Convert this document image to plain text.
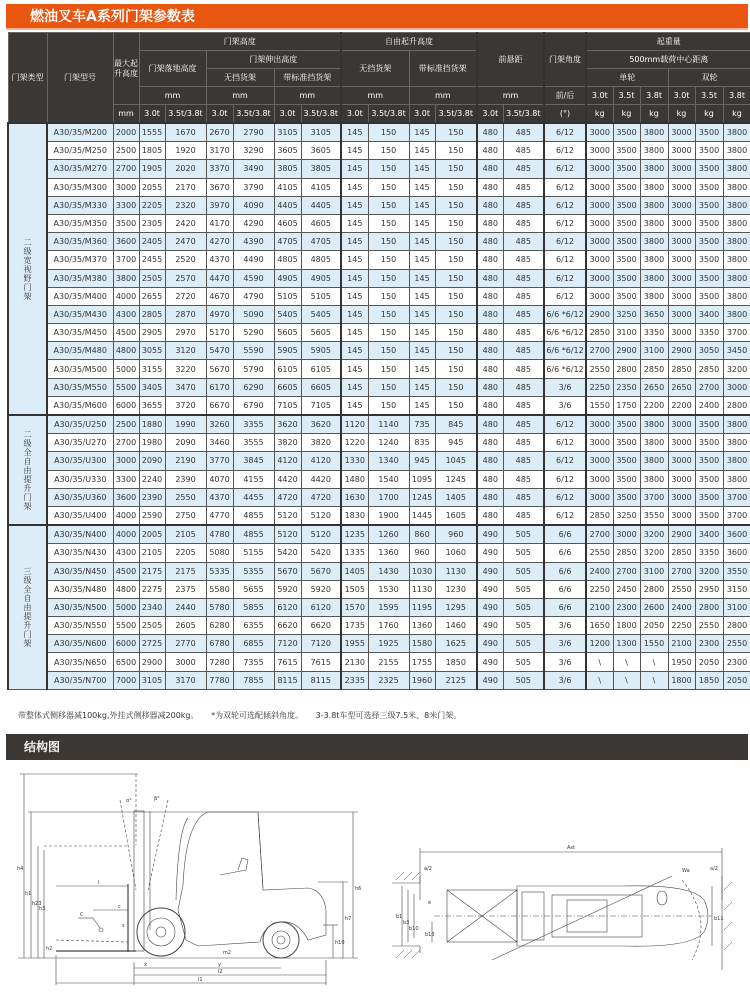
燃油叉车A系列门架参数表
门架类型	门架型号	最大起升高度	门架高度						自由起升高度				前悬距		门架角度	起重量					
			门架落地高度		门架伸出高度				无挡货架		带标准挡货架					500mm载荷中心距离					
					无挡货架		带标准挡货架									单轮			双轮		
			mm		mm		mm		mm		mm		mm		前/后	3.0t	3.5t	3.8t	3.0t	3.5t	3.8t
		mm	3.0t	3.5t/3.8t	3.0t	3.5t/3.8t	3.0t	3.5t/3.8t	3.0t	3.5t/3.8t	3.0t	3.5t/3.8t	3.0t	3.5t/3.8t	(°)	kg	kg	kg	kg	kg	kg
二级宽视野门架	A30/35/M200	2000	1555	1670	2670	2790	3105	3105	145	150	145	150	480	485	6/12	3000	3500	3800	3000	3500	3800
	A30/35/M250	2500	1805	1920	3170	3290	3605	3605	145	150	145	150	480	485	6/12	3000	3500	3800	3000	3500	3800
	A30/35/M270	2700	1905	2020	3370	3490	3805	3805	145	150	145	150	480	485	6/12	3000	3500	3800	3000	3500	3800
	A30/35/M300	3000	2055	2170	3670	3790	4105	4105	145	150	145	150	480	485	6/12	3000	3500	3800	3000	3500	3800
	A30/35/M330	3300	2205	2320	3970	4090	4405	4405	145	150	145	150	480	485	6/12	3000	3500	3800	3000	3500	3800
	A30/35/M350	3500	2305	2420	4170	4290	4605	4605	145	150	145	150	480	485	6/12	3000	3500	3800	3000	3500	3800
	A30/35/M360	3600	2405	2470	4270	4390	4705	4705	145	150	145	150	480	485	6/12	3000	3500	3800	3000	3500	3800
	A30/35/M370	3700	2455	2520	4370	4490	4805	4805	145	150	145	150	480	485	6/12	3000	3500	3800	3000	3500	3800
	A30/35/M380	3800	2505	2570	4470	4590	4905	4905	145	150	145	150	480	485	6/12	3000	3500	3800	3000	3500	3800
	A30/35/M400	4000	2655	2720	4670	4790	5105	5105	145	150	145	150	480	485	6/12	3000	3500	3800	3000	3500	3800
	A30/35/M430	4300	2805	2870	4970	5090	5405	5405	145	150	145	150	480	485	6/6 *6/12	2900	3250	3650	3000	3400	3800
	A30/35/M450	4500	2905	2970	5170	5290	5605	5605	145	150	145	150	480	485	6/6 *6/12	2850	3100	3350	3000	3350	3700
	A30/35/M480	4800	3055	3120	5470	5590	5905	5905	145	150	145	150	480	485	6/6 *6/12	2700	2900	3100	2900	3050	3450
	A30/35/M500	5000	3155	3220	5670	5790	6105	6105	145	150	145	150	480	485	6/6 *6/12	2550	2800	2850	2850	2850	3200
	A30/35/M550	5500	3405	3470	6170	6290	6605	6605	145	150	145	150	480	485	3/6	2250	2350	2650	2650	2700	3000
	A30/35/M600	6000	3655	3720	6670	6790	7105	7105	145	150	145	150	480	485	3/6	1550	1750	2200	2200	2400	2800
二级全自由提升门架	A30/35/U250	2500	1880	1990	3260	3355	3620	3620	1120	1140	735	845	480	485	6/12	3000	3500	3800	3000	3500	3800
	A30/35/U270	2700	1980	2090	3460	3555	3820	3820	1220	1240	835	945	480	485	6/12	3000	3500	3800	3000	3500	3800
	A30/35/U300	3000	2090	2190	3770	3845	4120	4120	1330	1340	945	1045	480	485	6/12	3000	3500	3800	3000	3500	3800
	A30/35/U330	3300	2240	2390	4070	4155	4420	4420	1480	1540	1095	1245	480	485	6/12	3000	3500	3800	3000	3500	3800
	A30/35/U360	3600	2390	2550	4370	4455	4720	4720	1630	1700	1245	1405	480	485	6/12	3000	3500	3700	3000	3500	3700
	A30/35/U400	4000	2590	2750	4770	4855	5120	5120	1830	1900	1445	1605	480	485	6/12	2850	3250	3550	3000	3500	3700
三级全自由提升门架	A30/35/N400	4000	2005	2105	4780	4855	5120	5120	1235	1260	860	960	490	505	6/6	2700	3000	3200	2900	3400	3600
	A30/35/N430	4300	2105	2205	5080	5155	5420	5420	1335	1360	960	1060	490	505	6/6	2550	2850	3200	2850	3350	3600
	A30/35/N450	4500	2175	2175	5335	5355	5670	5670	1405	1430	1030	1130	490	505	6/6	2400	2700	3100	2700	3200	3550
	A30/35/N480	4800	2275	2375	5580	5655	5920	5920	1505	1530	1130	1230	490	505	6/6	2250	2450	2800	2550	2950	3150
	A30/35/N500	5000	2340	2440	5780	5855	6120	6120	1570	1595	1195	1295	490	505	6/6	2100	2300	2600	2400	2800	3100
	A30/35/N550	5500	2505	2605	6280	6355	6620	6620	1735	1760	1360	1460	490	505	3/6	1650	1800	2050	2250	2550	2800
	A30/35/N600	6000	2725	2770	6780	6855	7120	7120	1955	1925	1580	1625	490	505	3/6	1200	1300	1550	2100	2300	2550
	A30/35/N650	6500	2900	3000	7280	7355	7615	7615	2130	2155	1755	1850	490	505	3/6	\	\	\	1950	2050	2300
	A30/35/N700	7000	3105	3170	7780	7855	8115	8115	2335	2325	1960	2125	490	505	3/6	\	\	\	1800	1850	2050
带整体式侧移器减100kg,外挂式侧移器减200kg。 *为双轮可选配倾斜角度。 3-3.8t车型可选择三级7.5米、8米门架。
结构图
h4
h1
h23
h3
h2
l
c
C
s
α°	β°
h6
h7
h10
m2
x	y
l2
l1
Ast
a/2	a/2
Wa
b1
b3
b10
b13
e
b11
